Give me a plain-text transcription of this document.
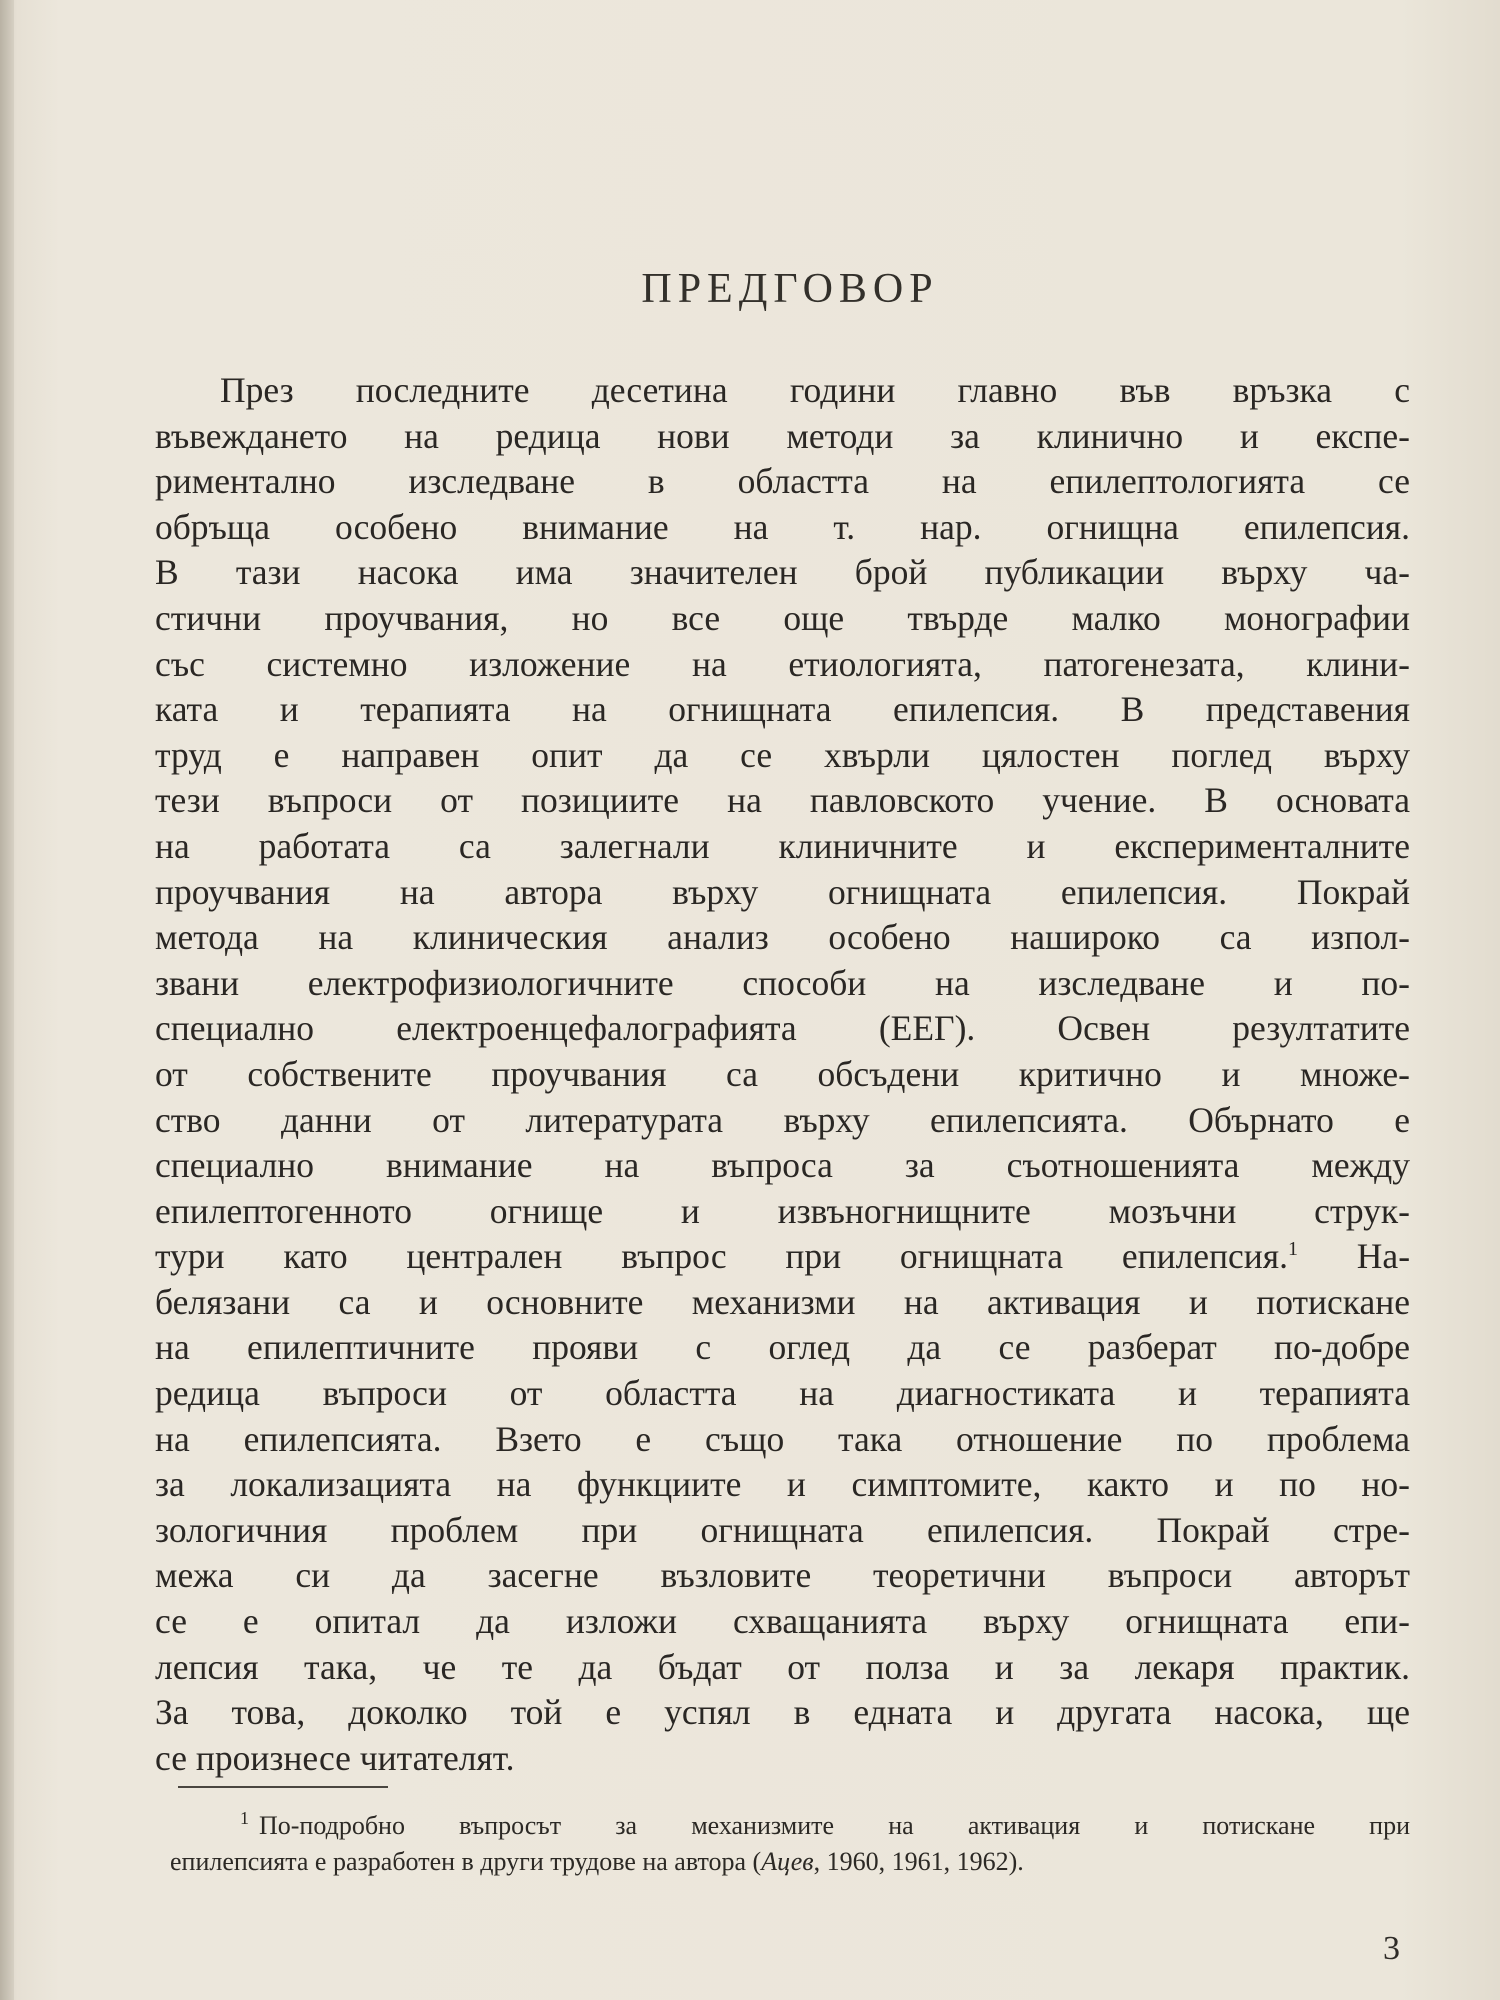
ПРЕДГОВОР
През последните десетина години главно във връзка с
въвеждането на редица нови методи за клинично и експе-
риментално изследване в областта на епилептологията се
обръща особено внимание на т. нар. огнищна епилепсия.
В тази насока има значителен брой публикации върху ча-
стични проучвания, но все още твърде малко монографии
със системно изложение на етиологията, патогенезата, клини-
ката и терапията на огнищната епилепсия. В представения
труд е направен опит да се хвърли цялостен поглед върху
тези въпроси от позициите на павловското учение. В основата
на работата са залегнали клиничните и експерименталните
проучвания на автора върху огнищната епилепсия. Покрай
метода на клиническия анализ особено нашироко са изпол-
звани електрофизиологичните способи на изследване и по-
специално електроенцефалографията (ЕЕГ). Освен резултатите
от собствените проучвания са обсъдени критично и множе-
ство данни от литературата върху епилепсията. Обърнато е
специално внимание на въпроса за съотношенията между
епилептогенното огнище и извъногнищните мозъчни струк-
тури като централен въпрос при огнищната епилепсия.$^1$ На-
белязани са и основните механизми на активация и потискане
на епилептичните прояви с оглед да се разберат по-добре
редица въпроси от областта на диагностиката и терапията
на епилепсията. Взето е също така отношение по проблема
за локализацията на функциите и симптомите, както и по но-
зологичния проблем при огнищната епилепсия. Покрай стре-
межа си да засегне възловите теоретични въпроси авторът
се е опитал да изложи схващанията върху огнищната епи-
лепсия така, че те да бъдат от полза и за лекаря практик.
За това, доколко той е успял в едната и другата насока, ще
се произнесе читателят.
$^1$ По-подробно въпросът за механизмите на активация и потискане при
епилепсията е разработен в други трудове на автора (Ацев, 1960, 1961, 1962).
3
